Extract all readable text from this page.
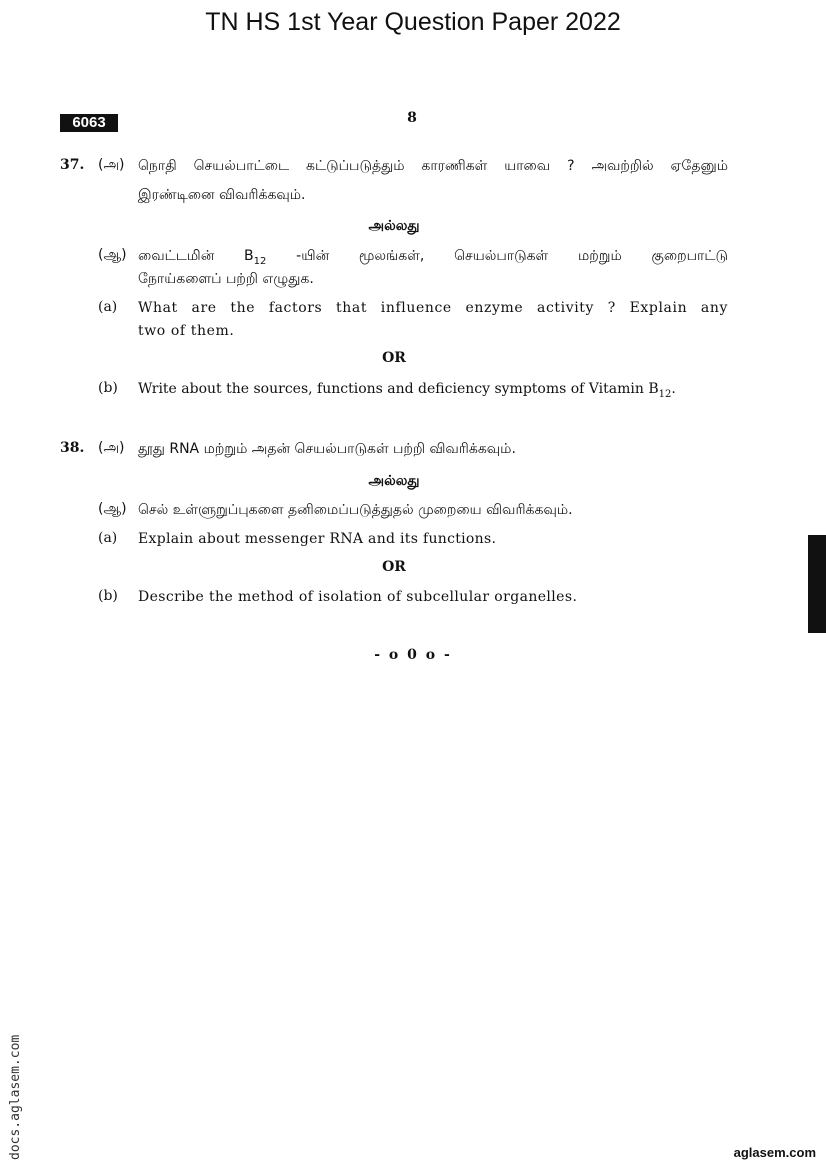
TN HS 1st Year Question Paper 2022
6063	8
37. (அ) நொதி செயல்பாட்டை கட்டுப்படுத்தும் காரணிகள் யாவை ? அவற்றில் ஏதேனும்
இரண்டினை விவரிக்கவும்.
அல்லது
(ஆ) வைட்டமின் $B_{12}$ -யின் மூலங்கள், செயல்பாடுகள் மற்றும் குறைபாட்டு
நோய்களைப் பற்றி எழுதுக.
(a) What are the factors that influence enzyme activity ? Explain any
two of them.
OR
(b) Write about the sources, functions and deficiency symptoms of Vitamin $B_{12}$.
38. (அ) தூது RNA மற்றும் அதன் செயல்பாடுகள் பற்றி விவரிக்கவும்.
அல்லது
(ஆ) செல் உள்ளுறுப்புகளை தனிமைப்படுத்துதல் முறையை விவரிக்கவும்.
(a) Explain about messenger RNA and its functions.
OR
(b) Describe the method of isolation of subcellular organelles.
- o 0 o -
docs.aglasem.com	aglasem.com
